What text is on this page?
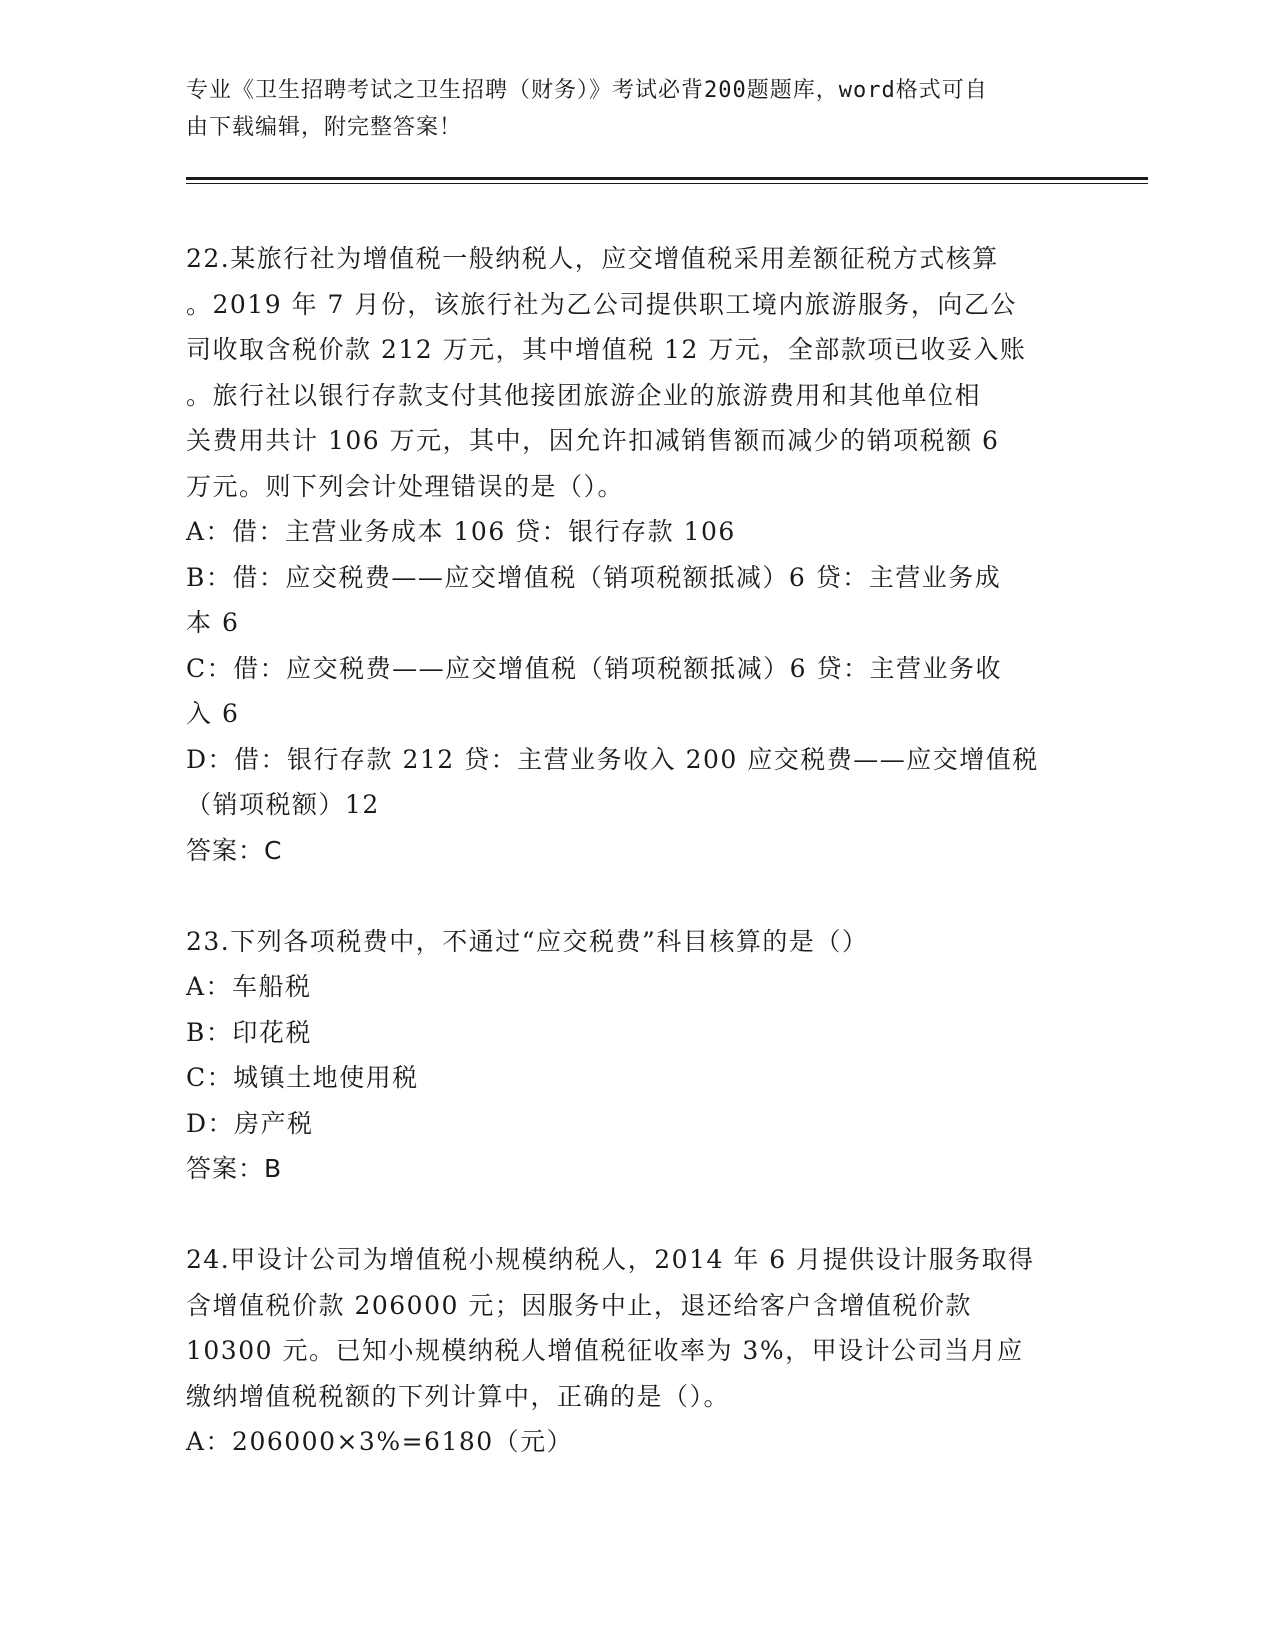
专业《卫生招聘考试之卫生招聘（财务）》考试必背200题题库，word格式可自
由下载编辑，附完整答案！
22.某旅行社为增值税一般纳税人，应交增值税采用差额征税方式核算
。2019 年 7 月份，该旅行社为乙公司提供职工境内旅游服务，向乙公
司收取含税价款 212 万元，其中增值税 12 万元，全部款项已收妥入账
。旅行社以银行存款支付其他接团旅游企业的旅游费用和其他单位相
关费用共计 106 万元，其中，因允许扣减销售额而减少的销项税额 6
万元。则下列会计处理错误的是（）。
A：借：主营业务成本 106 贷：银行存款 106
B：借：应交税费——应交增值税（销项税额抵减）6 贷：主营业务成
本 6
C：借：应交税费——应交增值税（销项税额抵减）6 贷：主营业务收
入 6
D：借：银行存款 212 贷：主营业务收入 200 应交税费——应交增值税
（销项税额）12
答案：C
23.下列各项税费中，不通过“应交税费”科目核算的是（）
A：车船税
B：印花税
C：城镇土地使用税
D：房产税
答案：B
24.甲设计公司为增值税小规模纳税人，2014 年 6 月提供设计服务取得
含增值税价款 206000 元；因服务中止，退还给客户含增值税价款
10300 元。已知小规模纳税人增值税征收率为 3%，甲设计公司当月应
缴纳增值税税额的下列计算中，正确的是（）。
A：206000×3%=6180（元）
